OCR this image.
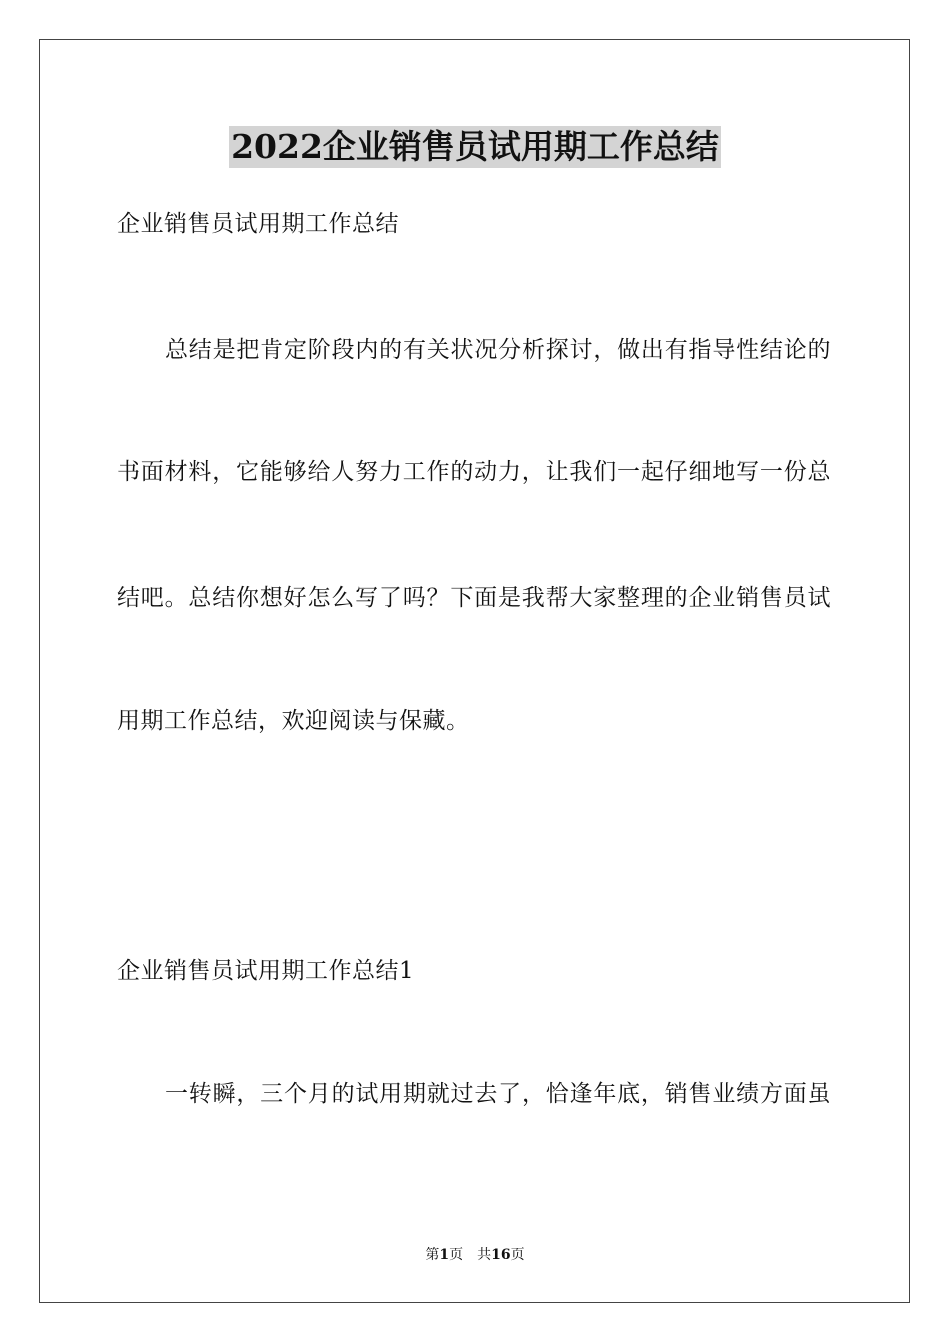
2022企业销售员试用期工作总结
企业销售员试用期工作总结
总结是把肯定阶段内的有关状况分析探讨，做出有指导性结论的
书面材料，它能够给人努力工作的动力，让我们一起仔细地写一份总
结吧。总结你想好怎么写了吗？下面是我帮大家整理的企业销售员试
用期工作总结，欢迎阅读与保藏。
企业销售员试用期工作总结1
一转瞬，三个月的试用期就过去了，恰逢年底，销售业绩方面虽
第1页 共16页
